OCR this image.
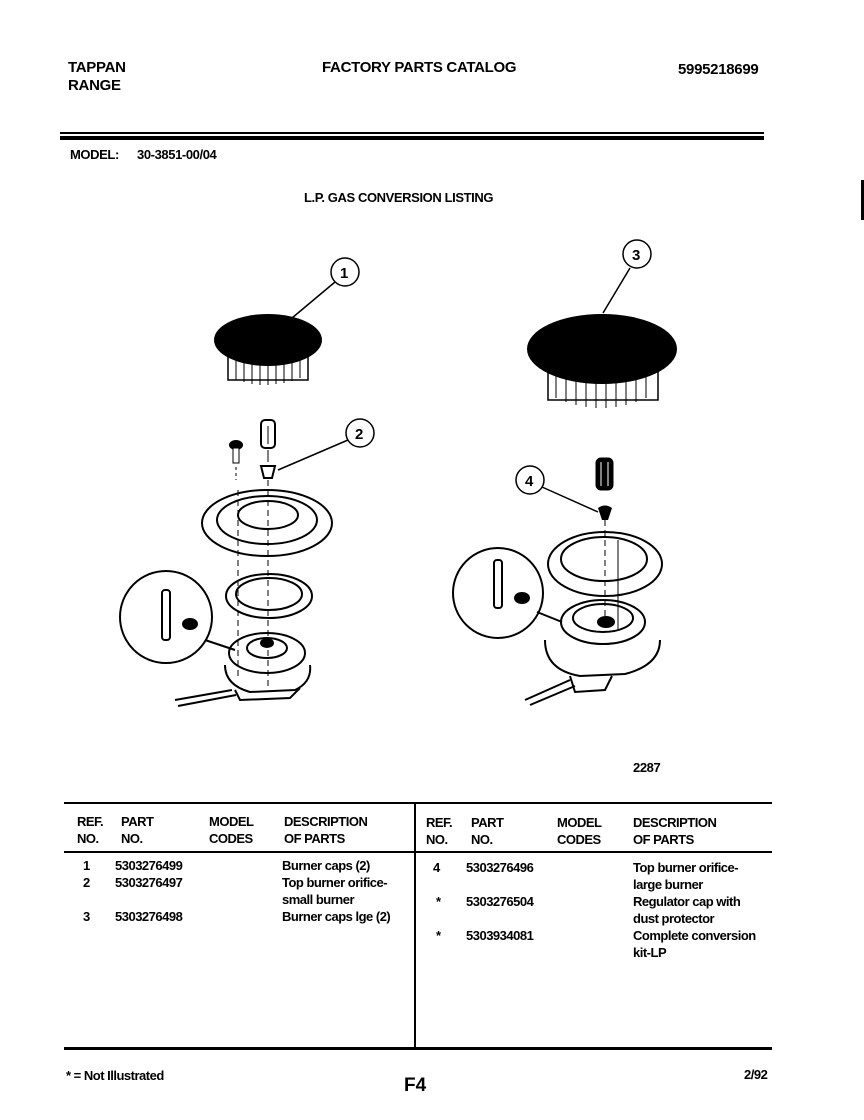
TAPPAN
RANGE
FACTORY PARTS CATALOG	5995218699
MODEL: 30-3851-00/04
L.P. GAS CONVERSION LISTING
1
2
3
4
2287
REF.
NO.
PART
NO.
MODEL
CODES
DESCRIPTION
OF PARTS
REF.
NO.
PART
NO.
MODEL
CODES
DESCRIPTION
OF PARTS
1 5303276499	Burner caps (2)
2 5303276497	Top burner orifice-
small burner
3 5303276498	Burner caps lge (2)
4 5303276496	Top burner orifice-
large burner
* 5303276504	Regulator cap with
dust protector
* 5303934081	Complete conversion
kit-LP
* = Not Illustrated	F4
2/92
